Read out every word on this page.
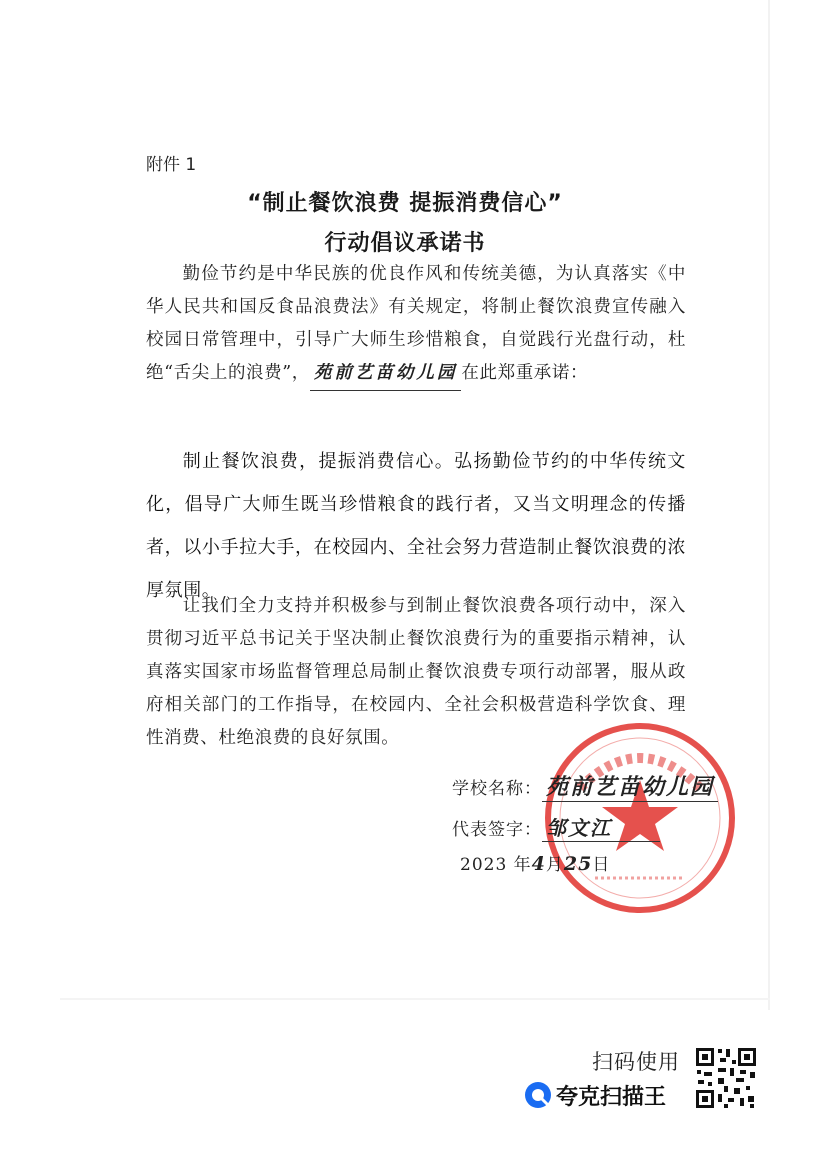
附件 1
“制止餐饮浪费 提振消费信心”
行动倡议承诺书
勤俭节约是中华民族的优良作风和传统美德，为认真落实《中华人民共和国反食品浪费法》有关规定，将制止餐饮浪费宣传融入校园日常管理中，引导广大师生珍惜粮食，自觉践行光盘行动，杜绝“舌尖上的浪费”， 苑前艺苗幼儿园 在此郑重承诺：
制止餐饮浪费，提振消费信心。弘扬勤俭节约的中华传统文化，倡导广大师生既当珍惜粮食的践行者，又当文明理念的传播者，以小手拉大手，在校园内、全社会努力营造制止餐饮浪费的浓厚氛围。
让我们全力支持并积极参与到制止餐饮浪费各项行动中，深入贯彻习近平总书记关于坚决制止餐饮浪费行为的重要指示精神，认真落实国家市场监督管理总局制止餐饮浪费专项行动部署，服从政府相关部门的工作指导，在校园内、全社会积极营造科学饮食、理性消费、杜绝浪费的良好氛围。
学校名称： 苑前艺苗幼儿园
代表签字： 邹文江
2023 年4月25日
扫码使用
夸克扫描王
